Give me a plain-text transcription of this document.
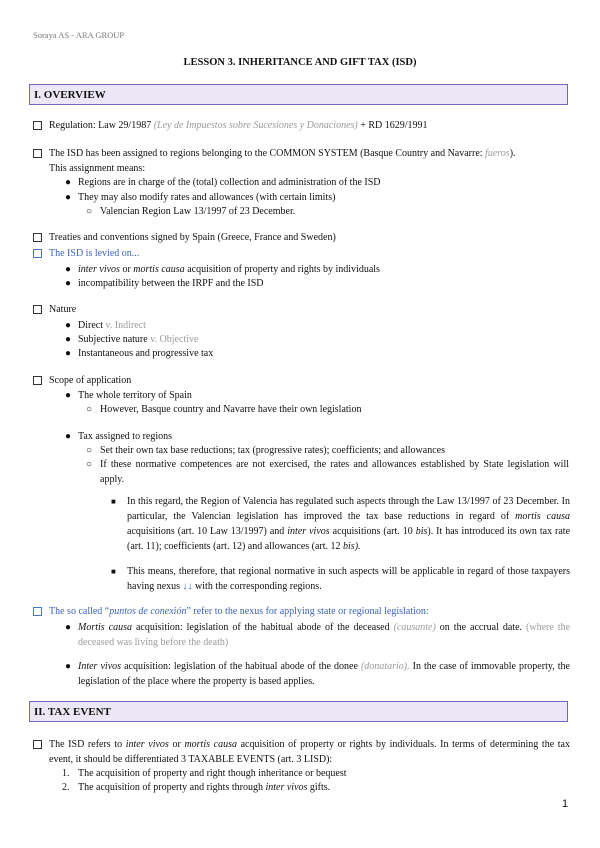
Soraya AS - ARA GROUP
LESSON 3. INHERITANCE AND GIFT TAX (ISD)
I. OVERVIEW
Regulation: Law 29/1987 (Ley de Impuestos sobre Sucesiones y Donaciones) + RD 1629/1991
The ISD has been assigned to regions belonging to the COMMON SYSTEM (Basque Country and Navarre: fueros).
This assignment means:
● Regions are in charge of the (total) collection and administration of the ISD
● They may also modify rates and allowances (with certain limits)
○ Valencian Region Law 13/1997 of 23 December.
Treaties and conventions signed by Spain (Greece, France and Sweden)
The ISD is levied on...
● inter vivos or mortis causa acquisition of property and rights by individuals
● incompatibility between the IRPF and the ISD
Nature
● Direct v. Indirect
● Subjective nature v. Objective
● Instantaneous and progressive tax
Scope of application
● The whole territory of Spain
○ However, Basque country and Navarre have their own legislation
● Tax assigned to regions
○ Set their own tax base reductions; tax (progressive rates); coefficients; and allowances
○ If these normative competences are not exercised, the rates and allowances established by State legislation will apply.
■ In this regard, the Region of Valencia has regulated such aspects through the Law 13/1997 of 23 December. In particular, the Valencian legislation has improved the tax base reductions in regard of mortis causa acquisitions (art. 10 Law 13/1997) and inter vivos acquisitions (art. 10 bis). It has introduced its own tax rate (art. 11); coefficients (art. 12) and allowances (art. 12 bis).
■ This means, therefore, that regional normative in such aspects will be applicable in regard of those taxpayers having nexus ↓↓ with the corresponding regions.
The so called “puntos de conexión” refer to the nexus for applying state or regional legislation:
● Mortis causa acquisition: legislation of the habitual abode of the deceased (causante) on the accrual date. (where the deceased was living before the death)
● Inter vivos acquisition: legislation of the habitual abode of the donee (donatario). In the case of immovable property, the legislation of the place where the property is based applies.
II. TAX EVENT
The ISD refers to inter vivos or mortis causa acquisition of property or rights by individuals. In terms of determining the tax event, it should be differentiated 3 TAXABLE EVENTS (art. 3 LISD):
1. The acquisition of property and right though inheritance or bequest
2. The acquisition of property and rights through inter vivos gifts.
1
